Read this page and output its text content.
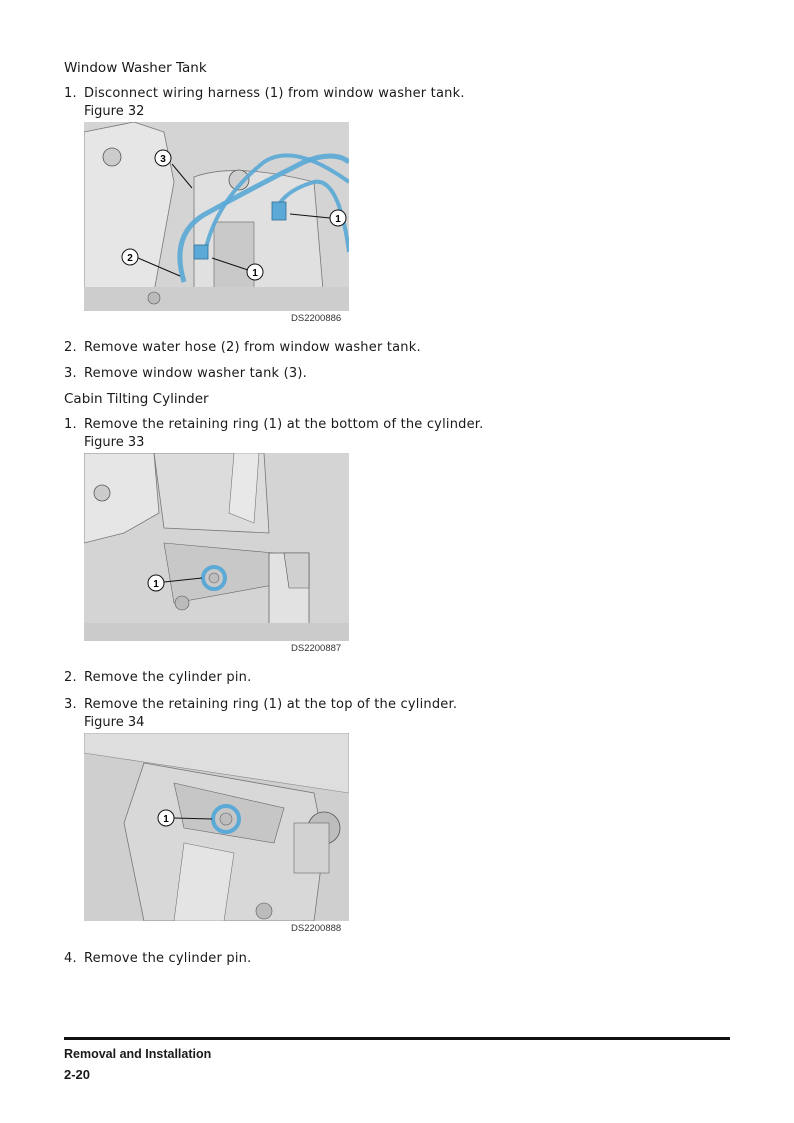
Window Washer Tank
1. Disconnect wiring harness (1) from window washer tank.
Figure 32
3
1
2
1
DS2200886
2. Remove water hose (2) from window washer tank.
3. Remove window washer tank (3).
Cabin Tilting Cylinder
1. Remove the retaining ring (1) at the bottom of the cylinder.
Figure 33
1
DS2200887
2. Remove the cylinder pin.
3. Remove the retaining ring (1) at the top of the cylinder.
Figure 34
1
DS2200888
4. Remove the cylinder pin.
Removal and Installation
2-20
